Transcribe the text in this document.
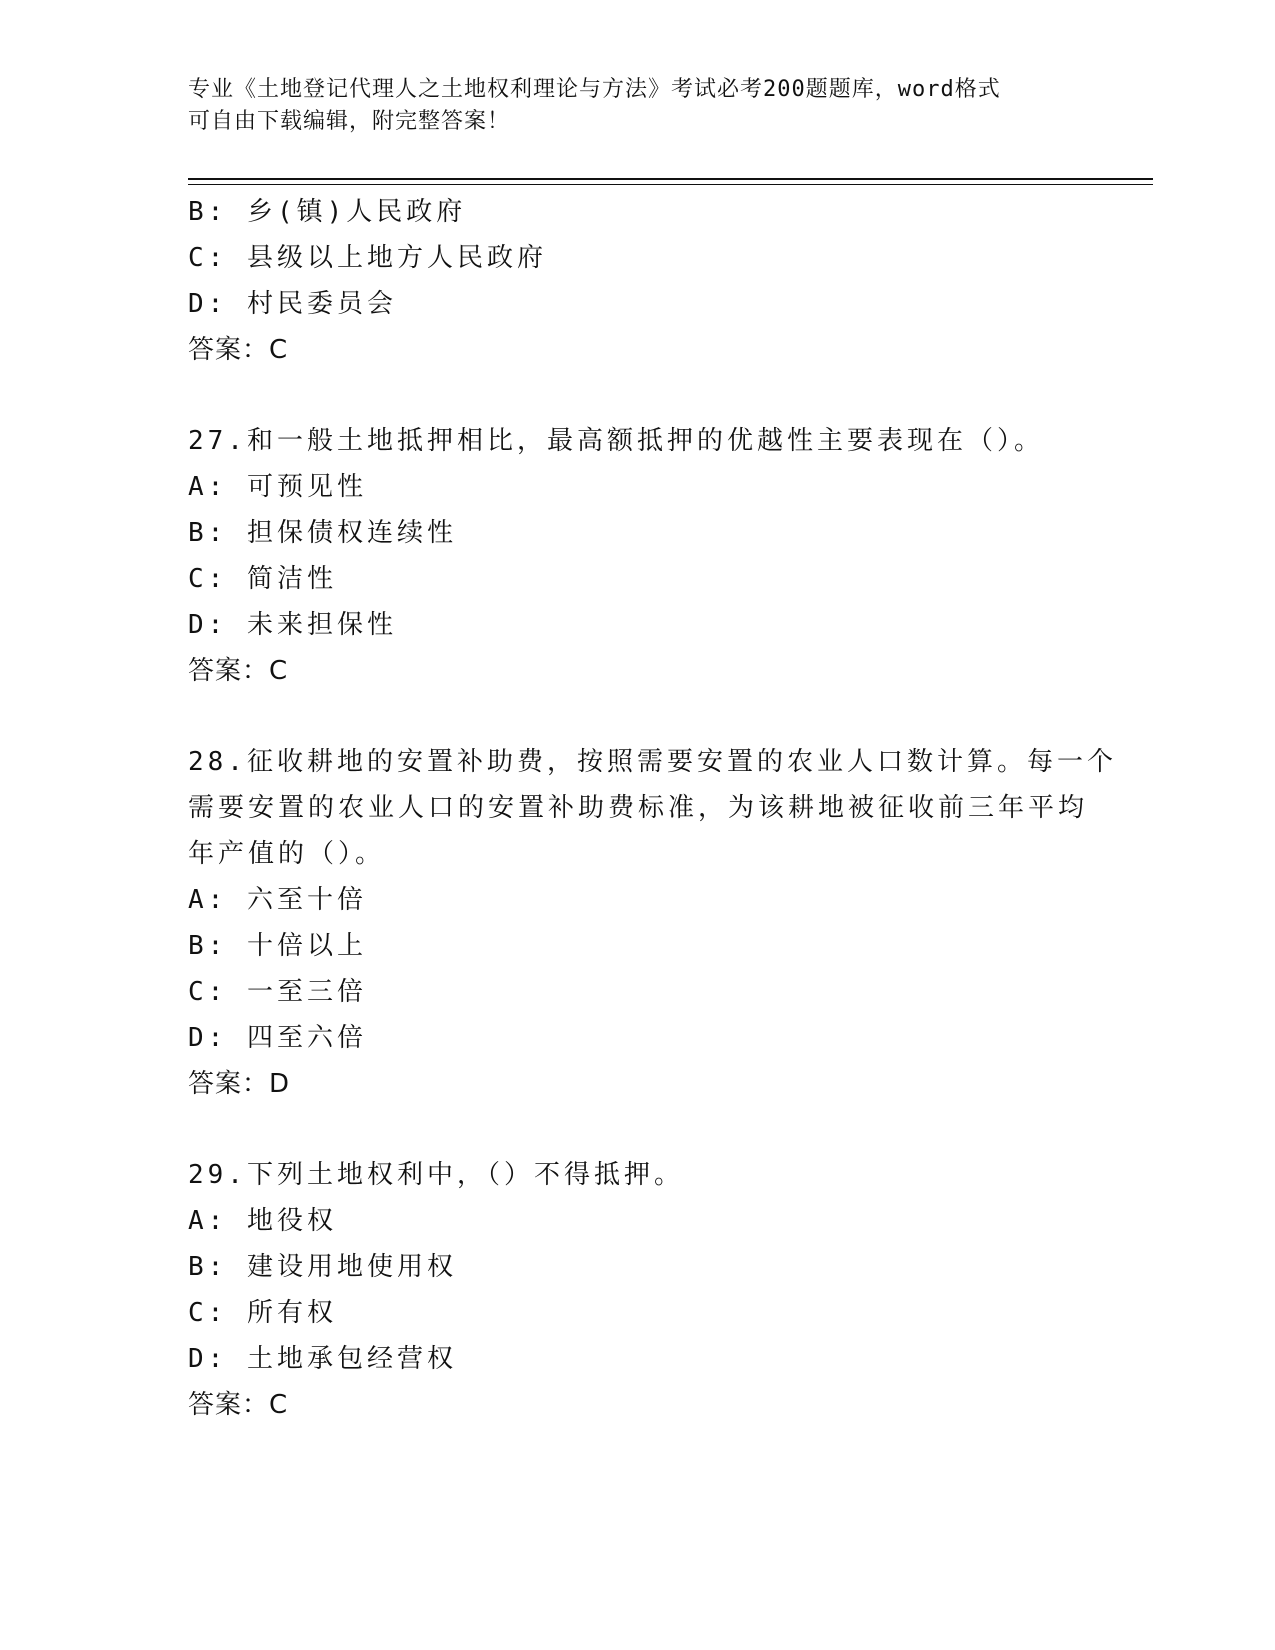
专业《土地登记代理人之土地权利理论与方法》考试必考200题题库，word格式
可自由下载编辑，附完整答案！
B: 乡(镇)人民政府
C: 县级以上地方人民政府
D: 村民委员会
答案：C
27.和一般土地抵押相比，最高额抵押的优越性主要表现在（）。
A: 可预见性
B: 担保债权连续性
C: 简洁性
D: 未来担保性
答案：C
28.征收耕地的安置补助费，按照需要安置的农业人口数计算。每一个
需要安置的农业人口的安置补助费标准，为该耕地被征收前三年平均
年产值的（）。
A: 六至十倍
B: 十倍以上
C: 一至三倍
D: 四至六倍
答案：D
29.下列土地权利中，（）不得抵押。
A: 地役权
B: 建设用地使用权
C: 所有权
D: 土地承包经营权
答案：C
